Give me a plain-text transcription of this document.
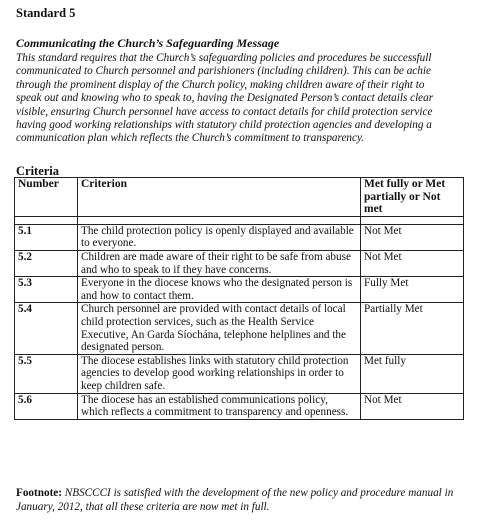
Standard 5
Communicating the Church’s Safeguarding Message
This standard requires that the Church’s safeguarding policies and procedures be successfull
communicated to Church personnel and parishioners (including children). This can be achie
through the prominent display of the Church policy, making children aware of their right to
speak out and knowing who to speak to, having the Designated Person’s contact details clear
visible, ensuring Church personnel have access to contact details for child protection service
having good working relationships with statutory child protection agencies and developing a
communication plan which reflects the Church’s commitment to transparency.
Criteria
Number	Criterion	Met fully or Met partially or Not met

5.1	The child protection policy is openly displayed and available to everyone.	Not Met
5.2	Children are made aware of their right to be safe from abuse and who to speak to if they have concerns.	Not Met
5.3	Everyone in the diocese knows who the designated person is and how to contact them.	Fully Met
5.4	Church personnel are provided with contact details of local child protection services, such as the Health Service Executive, An Garda Síochána, telephone helplines and the designated person.	Partially Met
5.5	The diocese establishes links with statutory child protection agencies to develop good working relationships in order to keep children safe.	Met fully
5.6	The diocese has an established communications policy, which reflects a commitment to transparency and openness.	Not Met
Footnote: NBSCCCI is satisfied with the development of the new policy and procedure manual in January, 2012, that all these criteria are now met in full.
